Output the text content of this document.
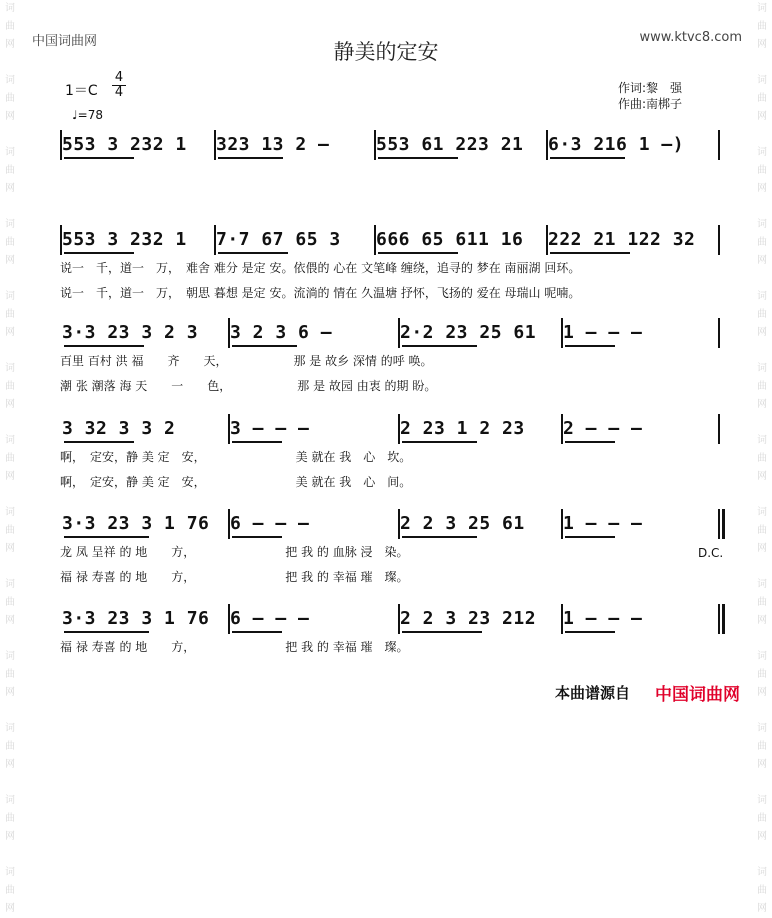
词
曲
网

词
曲
网

词
曲
网

词
曲
网

词
曲
网

词
曲
网

词
曲
网

词
曲
网

词
曲
网

词
曲
网

词
曲
网

词
曲
网

词
曲
网

词
曲
网

词
曲
网

词
曲
网

词
曲
网

词
曲
网

词
曲
网

词
曲
网

词
曲
网

词
曲
网

词
曲
网

词
曲
网

词
曲
网

词
曲
网

中国词曲网	www.ktvc8.com
静美的定安
1＝C
4
4
♩=78
作词:黎　强
作曲:南梆子
553 3 232 1 323 13 2 –	553 61 223 21 6·3 216 1 –)
553 3 232 1 7·7 67 65 3 666 65 611 16 222 21 122 32
说一　千，道一　万，　难舍 难分 是定 安。依偎的 心在 文笔峰 缠绕，追寻的 梦在 南丽湖 回环。
说一　千，道一　万，　朝思 暮想 是定 安。流淌的 情在 久温塘 抒怀，飞扬的 爱在 母瑞山 呢喃。
3·3 23 3 2 3 3 2 3 6 –	2·2 23 25 61 1 – – –
百里 百村 洪 福　　齐　　天，　　　　　　那 是 故乡 深情 的呼 唤。
潮 张 潮落 海 天　　一　　色，　　　　　　那 是 故园 由衷 的期 盼。
3 32 3 3 2	3 – – –	2 23 1 2 23 2 – – –
啊，　定安，静 美 定　安，　　　　　　　　美 就在 我　心　坎。
啊，　定安，静 美 定　安，　　　　　　　　美 就在 我　心　间。
3·3 23 3 1 76 6 – – –	2 2 3 25 61 1 – – –
龙 凤 呈祥 的 地　　方，　　　　　　　　把 我 的 血脉 浸　染。
福 禄 寿喜 的 地　　方，　　　　　　　　把 我 的 幸福 璀　璨。
3·3 23 3 1 76 6 – – –	2 2 3 23 212 1 – – –
福 禄 寿喜 的 地　　方，　　　　　　　　把 我 的 幸福 璀　璨。
D.C.
本曲谱源自 中国词曲网
